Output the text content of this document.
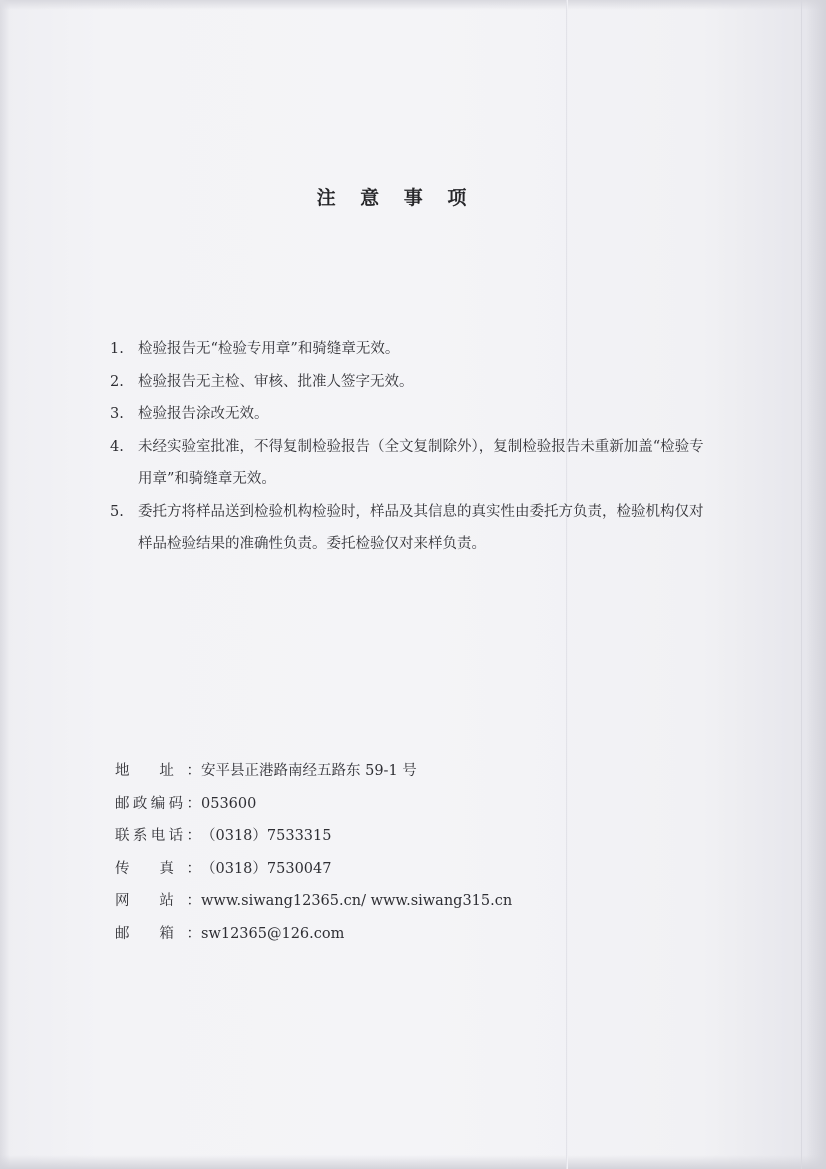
注 意 事 项
1. 检验报告无“检验专用章”和骑缝章无效。
2. 检验报告无主检、审核、批准人签字无效。
3. 检验报告涂改无效。
4. 未经实验室批准，不得复制检验报告（全文复制除外），复制检验报告未重新加盖“检验专用章”和骑缝章无效。
5. 委托方将样品送到检验机构检验时，样品及其信息的真实性由委托方负责，检验机构仅对样品检验结果的准确性负责。委托检验仅对来样负责。
地 址： 安平县正港路南经五路东 59-1 号
邮政编码： 053600
联系电话： （0318）7533315
传 真： （0318）7530047
网 站： www.siwang12365.cn/ www.siwang315.cn
邮 箱： sw12365@126.com
